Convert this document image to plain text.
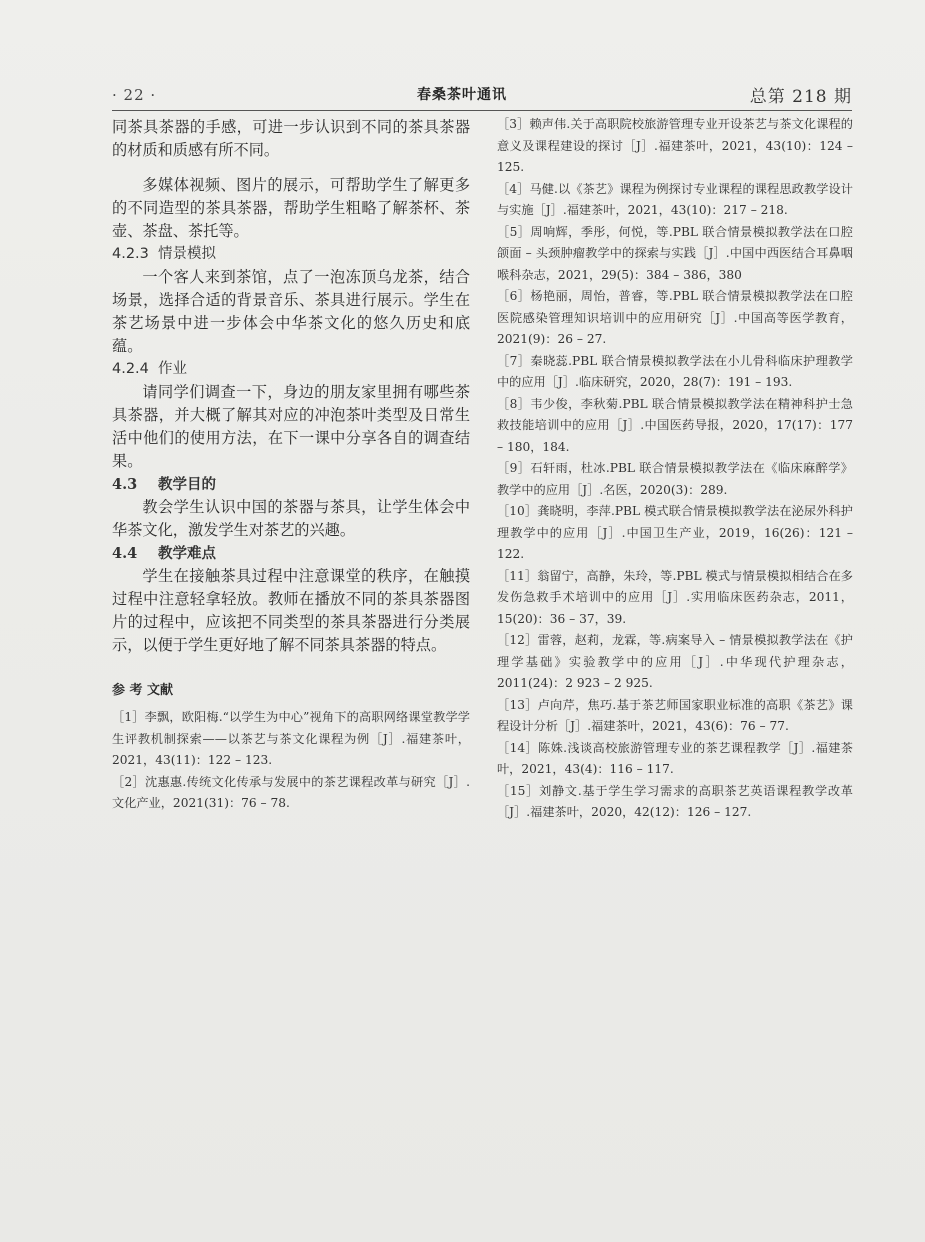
· 22 ·	春桑茶叶通讯	总第 218 期

同茶具茶器的手感，可进一步认识到不同的茶具茶器的材质和质感有所不同。

多媒体视频、图片的展示，可帮助学生了解更多的不同造型的茶具茶器，帮助学生粗略了解茶杯、茶壶、茶盘、茶托等。

4.2.3 情景模拟

一个客人来到茶馆，点了一泡冻顶乌龙茶，结合场景，选择合适的背景音乐、茶具进行展示。学生在茶艺场景中进一步体会中华茶文化的悠久历史和底蕴。

4.2.4 作业

请同学们调查一下，身边的朋友家里拥有哪些茶具茶器，并大概了解其对应的冲泡茶叶类型及日常生活中他们的使用方法，在下一课中分享各自的调查结果。

4.3 教学目的

教会学生认识中国的茶器与茶具，让学生体会中华茶文化，激发学生对茶艺的兴趣。

4.4 教学难点

学生在接触茶具过程中注意课堂的秩序，在触摸过程中注意轻拿轻放。教师在播放不同的茶具茶器图片的过程中，应该把不同类型的茶具茶器进行分类展示，以便于学生更好地了解不同茶具茶器的特点。

参 考 文献

［1］李飘，欧阳梅.“以学生为中心”视角下的高职网络课堂教学学生评教机制探索——以茶艺与茶文化课程为例［J］.福建茶叶，2021，43(11)：122 – 123.

［2］沈惠惠.传统文化传承与发展中的茶艺课程改革与研究［J］.文化产业，2021(31)：76 – 78.

［3］赖声伟.关于高职院校旅游管理专业开设茶艺与茶文化课程的意义及课程建设的探讨［J］.福建茶叶，2021，43(10)：124 – 125.

［4］马健.以《茶艺》课程为例探讨专业课程的课程思政教学设计与实施［J］.福建茶叶，2021，43(10)：217 – 218.

［5］周响辉，季彤，何悦，等.PBL 联合情景模拟教学法在口腔颌面 – 头颈肿瘤教学中的探索与实践［J］.中国中西医结合耳鼻咽喉科杂志，2021，29(5)：384 – 386，380

［6］杨艳丽，周怡，普睿，等.PBL 联合情景模拟教学法在口腔医院感染管理知识培训中的应用研究［J］.中国高等医学教育，2021(9)：26 – 27.

［7］秦晓蕊.PBL 联合情景模拟教学法在小儿骨科临床护理教学中的应用［J］.临床研究，2020，28(7)：191 – 193.

［8］韦少俊，李秋菊.PBL 联合情景模拟教学法在精神科护士急救技能培训中的应用［J］.中国医药导报，2020，17(17)：177 – 180，184.

［9］石轩雨，杜冰.PBL 联合情景模拟教学法在《临床麻醉学》教学中的应用［J］.名医，2020(3)：289.

［10］龚晓明，李萍.PBL 模式联合情景模拟教学法在泌尿外科护理教学中的应用［J］.中国卫生产业，2019，16(26)：121 – 122.

［11］翁留宁，高静，朱玲，等.PBL 模式与情景模拟相结合在多发伤急救手术培训中的应用［J］.实用临床医药杂志，2011，15(20)：36 – 37，39.

［12］雷蓉，赵莉，龙霖，等.病案导入 – 情景模拟教学法在《护理学基础》实验教学中的应用［J］.中华现代护理杂志，2011(24)：2 923 – 2 925.

［13］卢向芹，焦巧.基于茶艺师国家职业标准的高职《茶艺》课程设计分析［J］.福建茶叶，2021，43(6)：76 – 77.

［14］陈姝.浅谈高校旅游管理专业的茶艺课程教学［J］.福建茶叶，2021，43(4)：116 – 117.

［15］刘静文.基于学生学习需求的高职茶艺英语课程教学改革［J］.福建茶叶，2020，42(12)：126 – 127.
